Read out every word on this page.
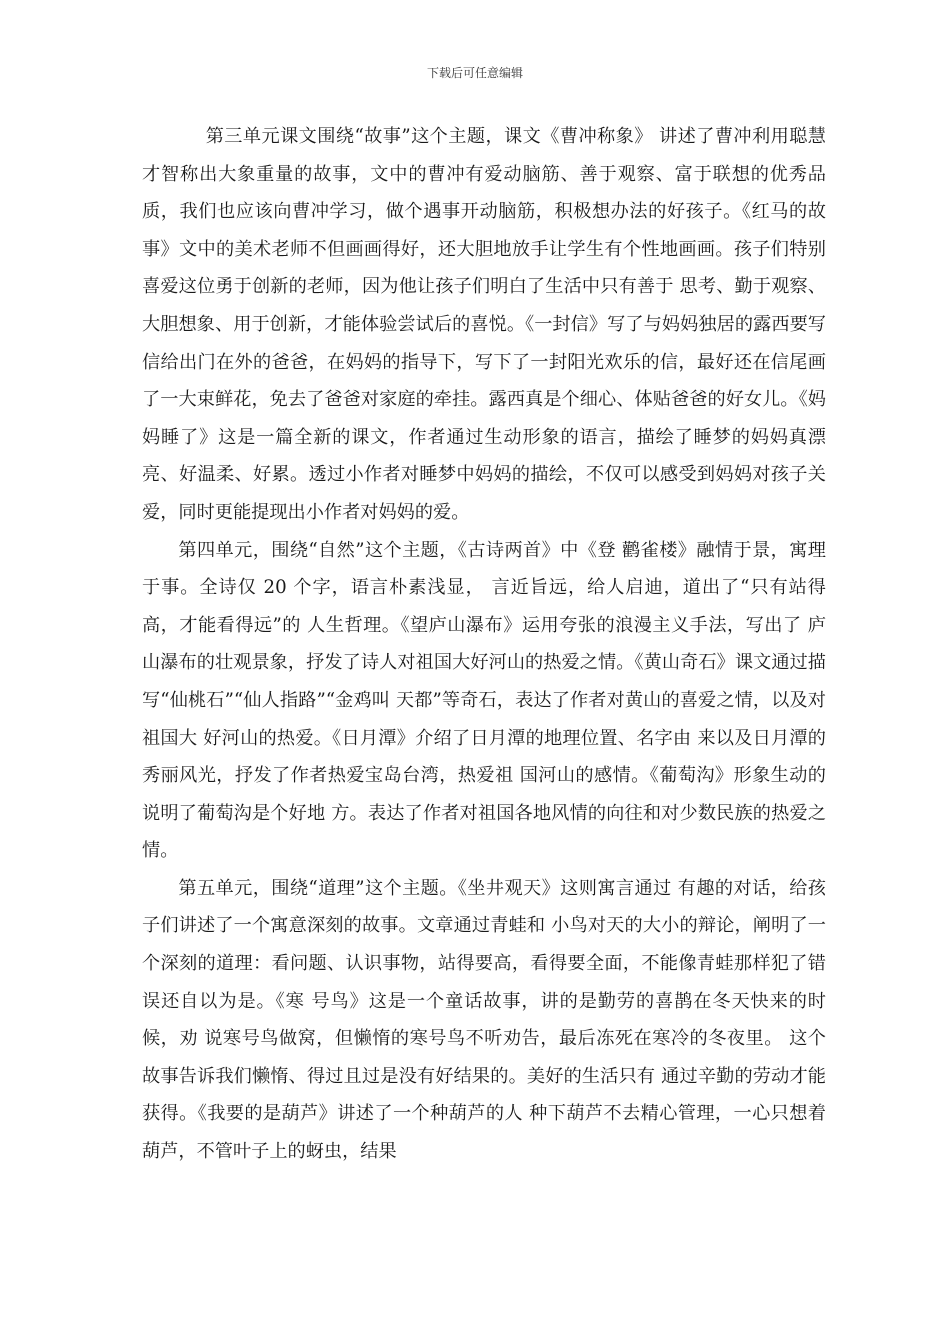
下载后可任意编辑

第三单元课文围绕“故事”这个主题，课文《曹冲称象》 讲述了曹冲利用聪慧才智称出大象重量的故事，文中的曹冲有爱动脑筋、善于观察、富于联想的优秀品质，我们也应该向曹冲学习，做个遇事开动脑筋，积极想办法的好孩子。《红马的故事》文中的美术老师不但画画得好，还大胆地放手让学生有个性地画画。孩子们特别喜爱这位勇于创新的老师，因为他让孩子们明白了生活中只有善于 思考、勤于观察、大胆想象、用于创新，才能体验尝试后的喜悦。《一封信》写了与妈妈独居的露西要写信给出门在外的爸爸，在妈妈的指导下，写下了一封阳光欢乐的信，最好还在信尾画了一大束鲜花，免去了爸爸对家庭的牵挂。露西真是个细心、体贴爸爸的好女儿。《妈妈睡了》这是一篇全新的课文，作者通过生动形象的语言，描绘了睡梦的妈妈真漂亮、好温柔、好累。透过小作者对睡梦中妈妈的描绘，不仅可以感受到妈妈对孩子关爱，同时更能提现出小作者对妈妈的爱。

第四单元，围绕“自然”这个主题，《古诗两首》中《登 鹳雀楼》融情于景，寓理于事。全诗仅 20 个字，语言朴素浅显， 言近旨远，给人启迪，道出了“只有站得高，才能看得远”的 人生哲理。《望庐山瀑布》运用夸张的浪漫主义手法，写出了 庐山瀑布的壮观景象，抒发了诗人对祖国大好河山的热爱之情。《黄山奇石》课文通过描写“仙桃石”“仙人指路”“金鸡叫 天都”等奇石，表达了作者对黄山的喜爱之情，以及对祖国大 好河山的热爱。《日月潭》介绍了日月潭的地理位置、名字由 来以及日月潭的秀丽风光，抒发了作者热爱宝岛台湾，热爱祖 国河山的感情。《葡萄沟》形象生动的说明了葡萄沟是个好地 方。表达了作者对祖国各地风情的向往和对少数民族的热爱之 情。

第五单元，围绕“道理”这个主题。《坐井观天》这则寓言通过 有趣的对话，给孩子们讲述了一个寓意深刻的故事。文章通过青蛙和 小鸟对天的大小的辩论，阐明了一个深刻的道理：看问题、认识事物，站得要高，看得要全面，不能像青蛙那样犯了错误还自以为是。《寒 号鸟》这是一个童话故事，讲的是勤劳的喜鹊在冬天快来的时候，劝 说寒号鸟做窝，但懒惰的寒号鸟不听劝告，最后冻死在寒冷的冬夜里。 这个故事告诉我们懒惰、得过且过是没有好结果的。美好的生活只有 通过辛勤的劳动才能获得。《我要的是葫芦》讲述了一个种葫芦的人 种下葫芦不去精心管理，一心只想着葫芦，不管叶子上的蚜虫，结果
